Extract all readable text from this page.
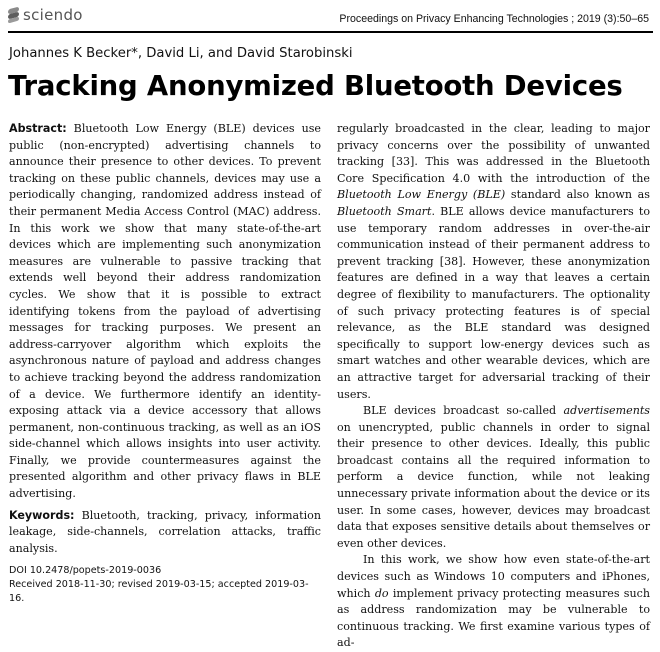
sciendo	Proceedings on Privacy Enhancing Technologies ; 2019 (3):50–65
Johannes K Becker*, David Li, and David Starobinski
Tracking Anonymized Bluetooth Devices

Abstract: Bluetooth Low Energy (BLE) devices use public (non-encrypted) advertising channels to announce their presence to other devices. To prevent tracking on these public channels, devices may use a periodically changing, randomized address instead of their permanent Media Access Control (MAC) address. In this work we show that many state-of-the-art devices which are implementing such anonymization measures are vulnerable to passive tracking that extends well beyond their address randomization cycles. We show that it is possible to extract identifying tokens from the payload of advertising messages for tracking purposes. We present an address-carryover algorithm which exploits the asynchronous nature of payload and address changes to achieve tracking beyond the address randomization of a device. We furthermore identify an identity-exposing attack via a device accessory that allows permanent, non-continuous tracking, as well as an iOS side-channel which allows insights into user activity. Finally, we provide countermeasures against the presented algorithm and other privacy flaws in BLE advertising.

Keywords: Bluetooth, tracking, privacy, information leakage, side-channels, correlation attacks, traffic analysis.

DOI 10.2478/popets-2019-0036

Received 2018-11-30; revised 2019-03-15; accepted 2019-03-16.

regularly broadcasted in the clear, leading to major privacy concerns over the possibility of unwanted tracking [33]. This was addressed in the Bluetooth Core Specification 4.0 with the introduction of the Bluetooth Low Energy (BLE) standard also known as Bluetooth Smart. BLE allows device manufacturers to use temporary random addresses in over-the-air communication instead of their permanent address to prevent tracking [38]. However, these anonymization features are defined in a way that leaves a certain degree of flexibility to manufacturers. The optionality of such privacy protecting features is of special relevance, as the BLE standard was designed specifically to support low-energy devices such as smart watches and other wearable devices, which are an attractive target for adversarial tracking of their users.

BLE devices broadcast so-called advertisements on unencrypted, public channels in order to signal their presence to other devices. Ideally, this public broadcast contains all the required information to perform a device function, while not leaking unnecessary private information about the device or its user. In some cases, however, devices may broadcast data that exposes sensitive details about themselves or even other devices.

In this work, we show how even state-of-the-art devices such as Windows 10 computers and iPhones, which do implement privacy protecting measures such as address randomization may be vulnerable to continuous tracking. We first examine various types of ad-
